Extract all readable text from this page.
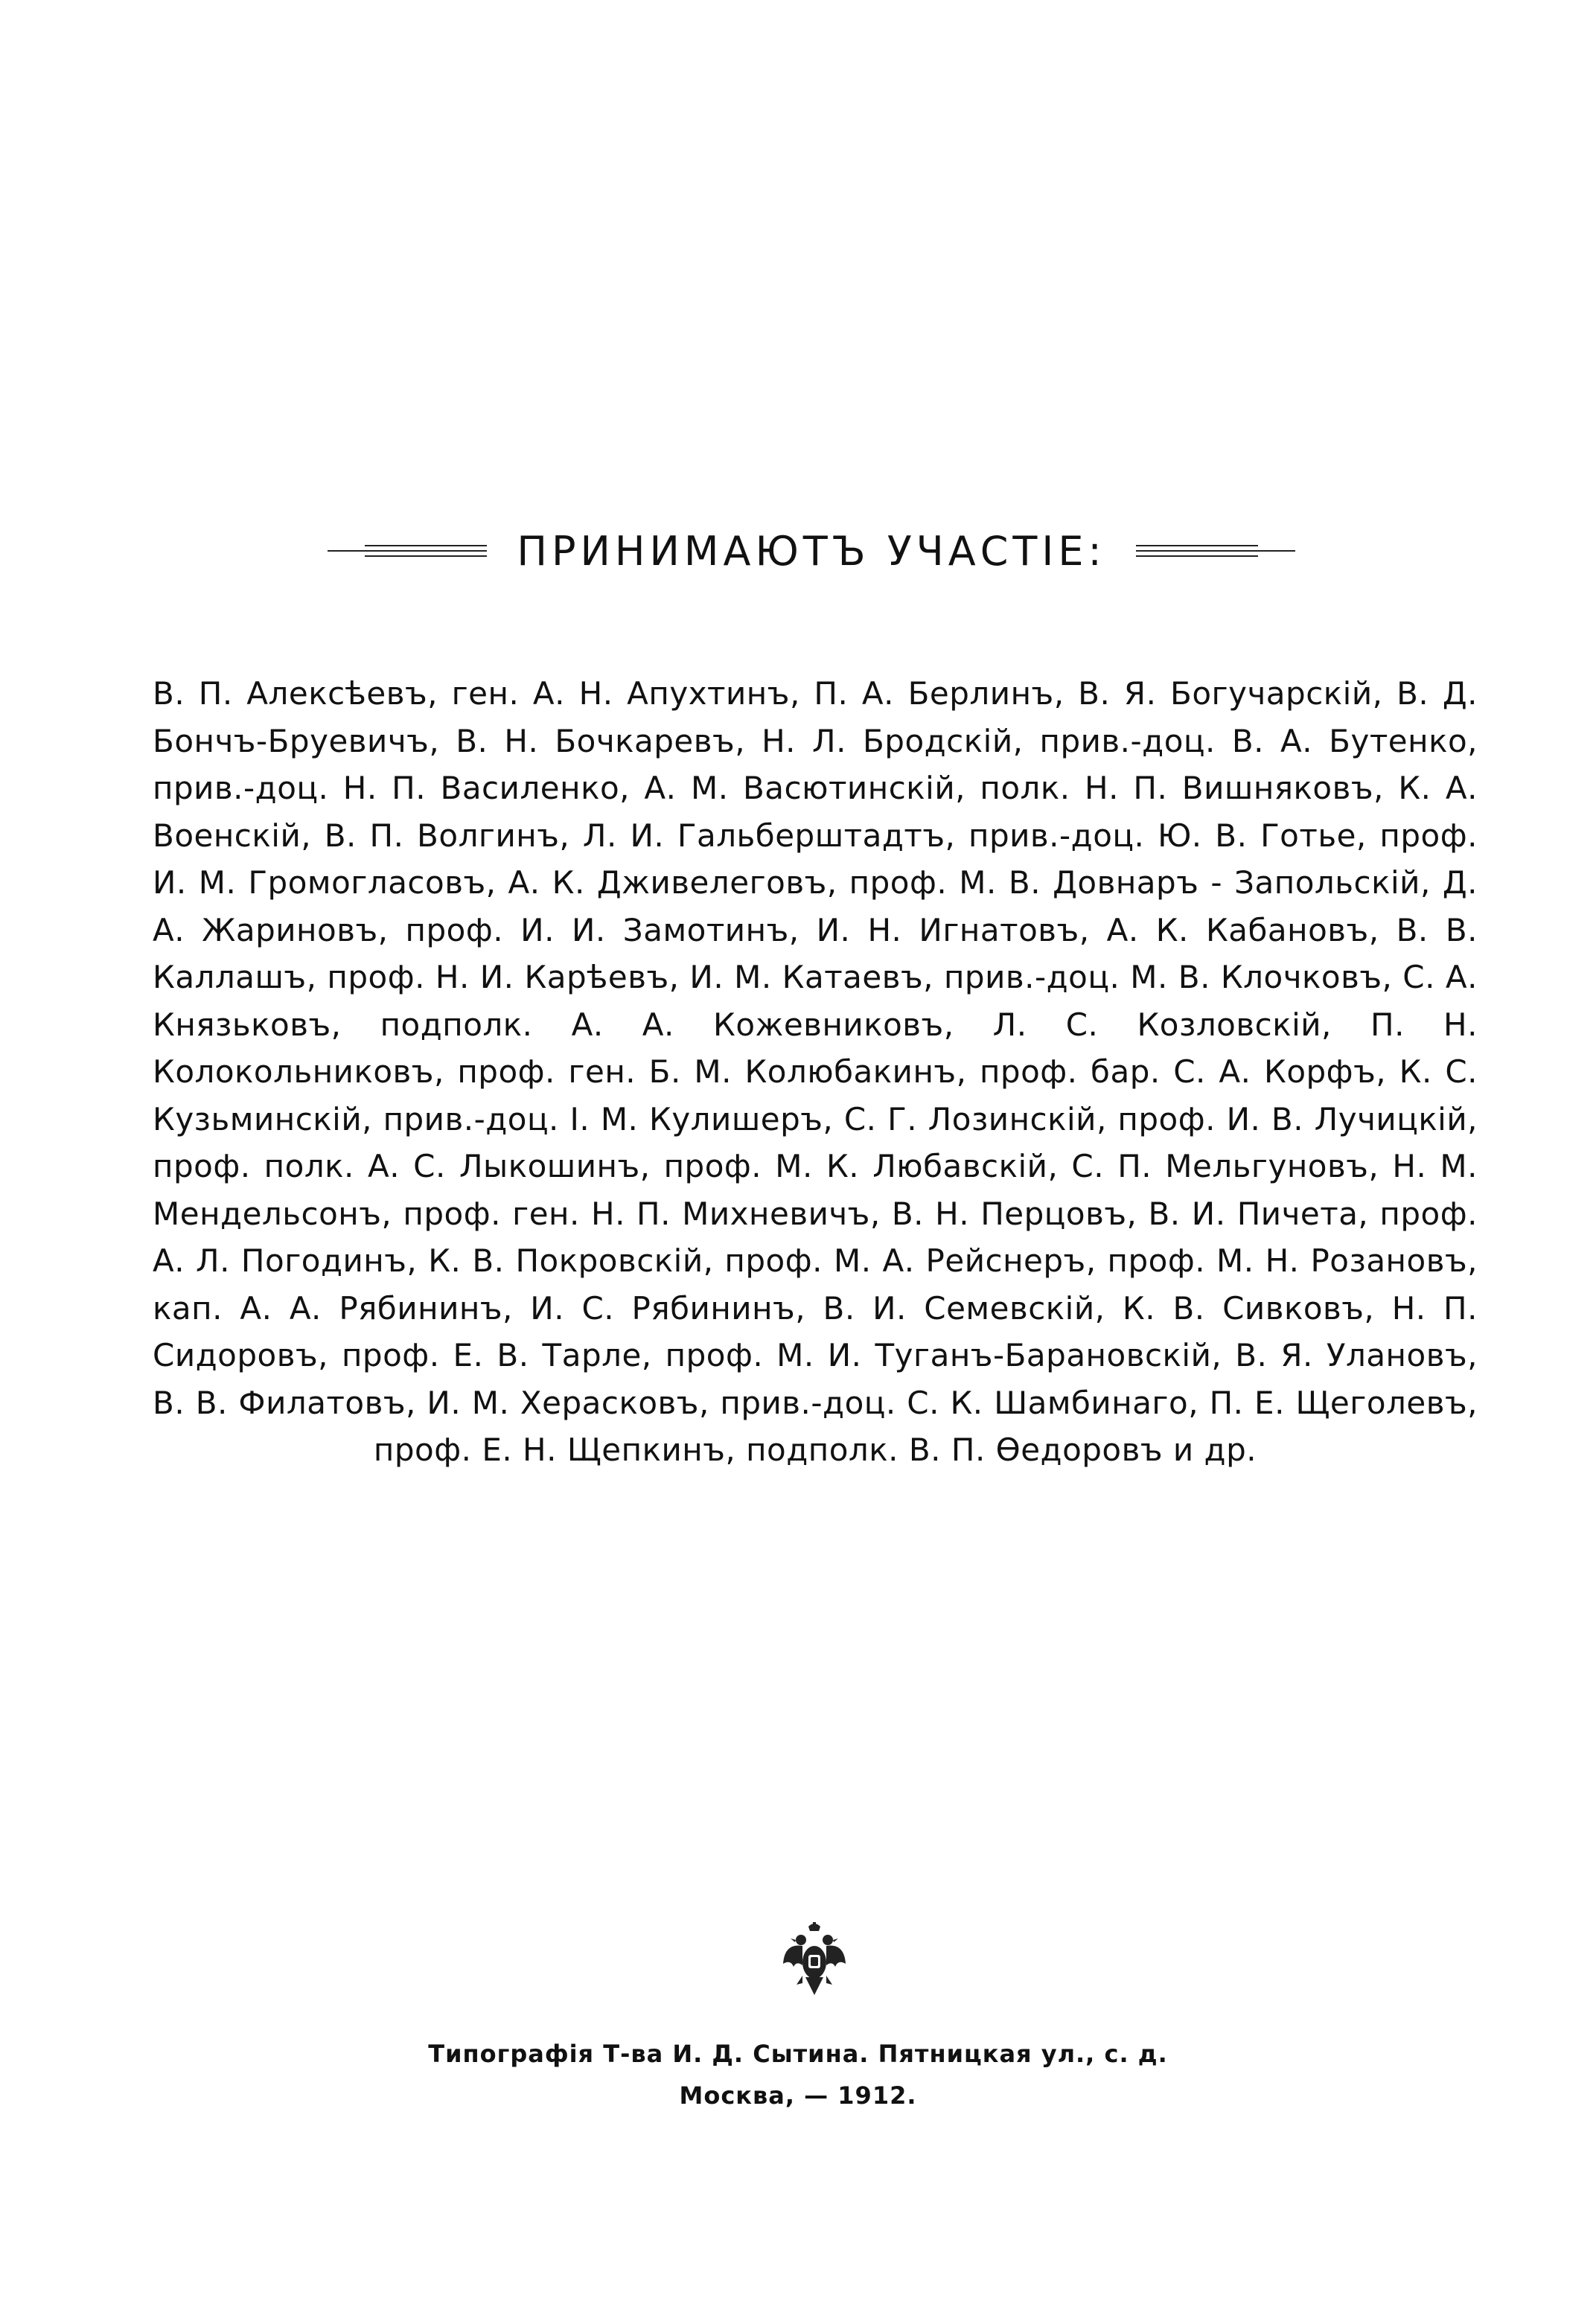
ПРИНИМАЮТЪ УЧАСТІЕ:
В. П. Алексѣевъ, ген. А. Н. Апухтинъ, П. А. Берлинъ, В. Я. Богучарскій, В. Д. Бончъ-Бруевичъ, В. Н. Бочкаревъ, Н. Л. Бродскій, прив.-доц. В. А. Бутенко, прив.-доц. Н. П. Василенко, А. М. Васютинскій, полк. Н. П. Вишняковъ, К. А. Военскій, В. П. Волгинъ, Л. И. Гальберштадтъ, прив.-доц. Ю. В. Готье, проф. И. М. Громогласовъ, А. К. Дживелеговъ, проф. М. В. Довнаръ - Запольскій, Д. А. Жариновъ, проф. И. И. Замотинъ, И. Н. Игнатовъ, А. К. Кабановъ, В. В. Каллашъ, проф. Н. И. Карѣевъ, И. М. Катаевъ, прив.-доц. М. В. Клочковъ, С. А. Князьковъ, подполк. А. А. Кожевниковъ, Л. С. Козловскій, П. Н. Колокольниковъ, проф. ген. Б. М. Колюбакинъ, проф. бар. С. А. Корфъ, К. С. Кузьминскій, прив.-доц. І. М. Кулишеръ, С. Г. Лозинскій, проф. И. В. Лучицкій, проф. полк. А. С. Лыкошинъ, проф. М. К. Любавскій, С. П. Мельгуновъ, Н. М. Мендельсонъ, проф. ген. Н. П. Михневичъ, В. Н. Перцовъ, В. И. Пичета, проф. А. Л. Погодинъ, К. В. Покровскій, проф. М. А. Рейснеръ, проф. М. Н. Розановъ, кап. А. А. Рябининъ, И. С. Рябининъ, В. И. Семевскій, К. В. Сивковъ, Н. П. Сидоровъ, проф. Е. В. Тарле, проф. М. И. Туганъ-Барановскій, В. Я. Улановъ, В. В. Филатовъ, И. М. Херасковъ, прив.-доц. С. К. Шамбинаго, П. Е. Щеголевъ, проф. Е. Н. Щепкинъ, подполк. В. П. Ѳедоровъ и др.
Типографія Т-ва И. Д. Сытина. Пятницкая ул., с. д.
Москва, — 1912.
